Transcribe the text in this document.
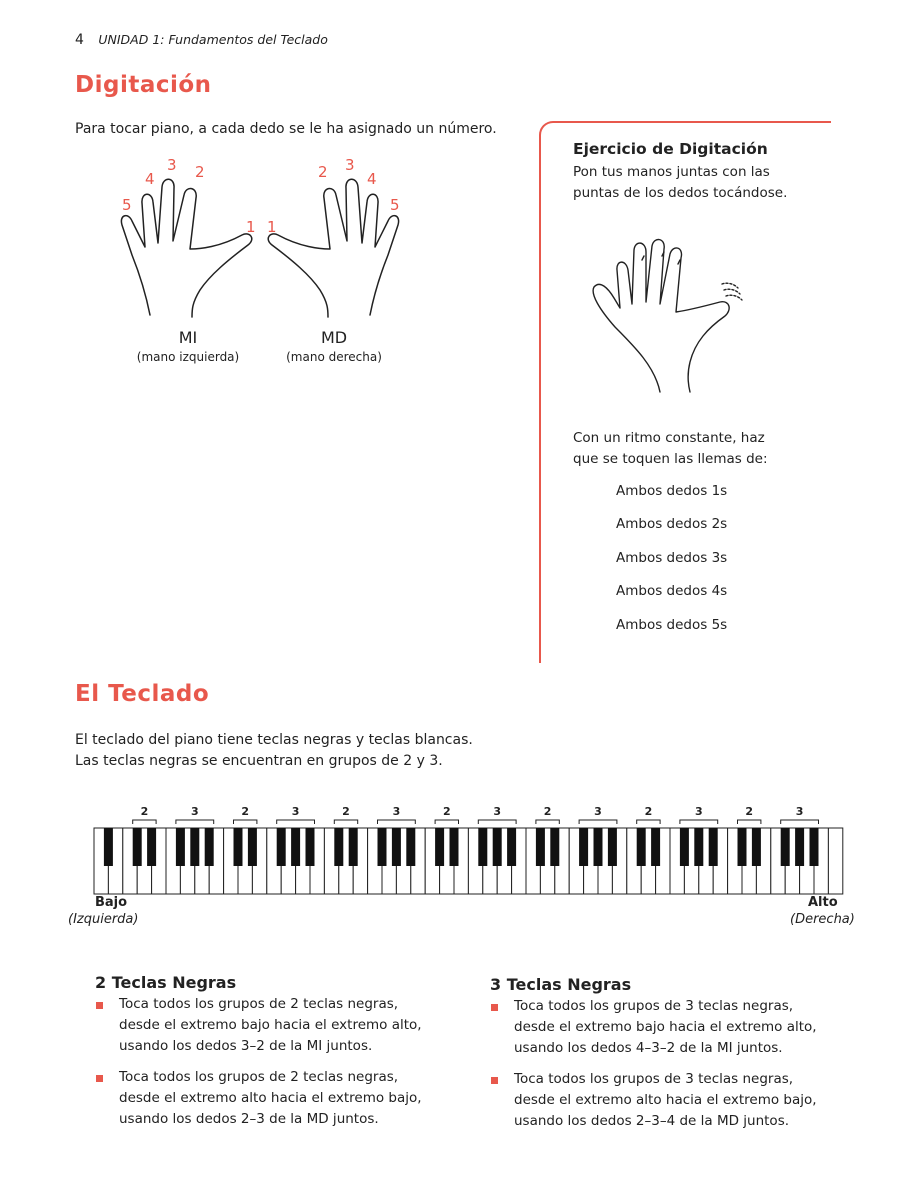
4 UNIDAD 1: Fundamentos del Teclado
Digitación
Para tocar piano, a cada dedo se le ha asignado un número.
5
4
3 2
1 1
2 3
4
5
MI
(mano izquierda)
MD
(mano derecha)
Ejercicio de Digitación
Pon tus manos juntas con las
puntas de los dedos tocándose.
Con un ritmo constante, haz
que se toquen las llemas de:
Ambos dedos 1s
Ambos dedos 2s
Ambos dedos 3s
Ambos dedos 4s
Ambos dedos 5s
El Teclado
El teclado del piano tiene teclas negras y teclas blancas.
Las teclas negras se encuentran en grupos de 2 y 3.
2	3	2	3	2	3	2	3	2	3	2	3	2	3
Bajo
(Izquierda)
Alto
(Derecha)
2 Teclas Negras
Toca todos los grupos de 2 teclas negras,
desde el extremo bajo hacia el extremo alto,
usando los dedos 3–2 de la MI juntos.
Toca todos los grupos de 2 teclas negras,
desde el extremo alto hacia el extremo bajo,
usando los dedos 2–3 de la MD juntos.
3 Teclas Negras
Toca todos los grupos de 3 teclas negras,
desde el extremo bajo hacia el extremo alto,
usando los dedos 4–3–2 de la MI juntos.
Toca todos los grupos de 3 teclas negras,
desde el extremo alto hacia el extremo bajo,
usando los dedos 2–3–4 de la MD juntos.
